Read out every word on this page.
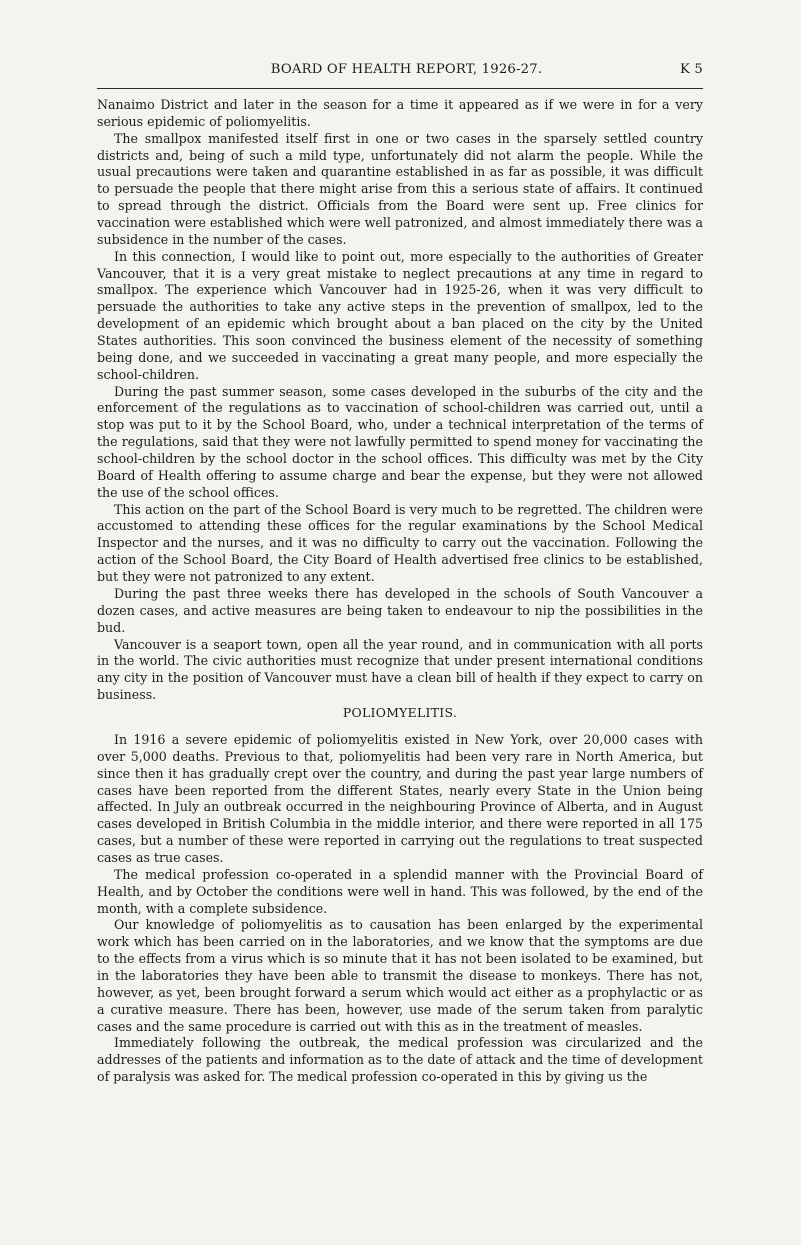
BOARD OF HEALTH REPORT, 1926-27.	K 5

Nanaimo District and later in the season for a time it appeared as if we were in for a very serious epidemic of poliomyelitis.

The smallpox manifested itself first in one or two cases in the sparsely settled country districts and, being of such a mild type, unfortunately did not alarm the people. While the usual precautions were taken and quarantine established in as far as possible, it was difficult to persuade the people that there might arise from this a serious state of affairs. It continued to spread through the district. Officials from the Board were sent up. Free clinics for vaccination were established which were well patronized, and almost immediately there was a subsidence in the number of the cases.

In this connection, I would like to point out, more especially to the authorities of Greater Vancouver, that it is a very great mistake to neglect precautions at any time in regard to smallpox. The experience which Vancouver had in 1925-26, when it was very difficult to persuade the authorities to take any active steps in the prevention of smallpox, led to the development of an epidemic which brought about a ban placed on the city by the United States authorities. This soon convinced the business element of the necessity of something being done, and we succeeded in vaccinating a great many people, and more especially the school-children.

During the past summer season, some cases developed in the suburbs of the city and the enforcement of the regulations as to vaccination of school-children was carried out, until a stop was put to it by the School Board, who, under a technical interpretation of the terms of the regulations, said that they were not lawfully permitted to spend money for vaccinating the school-children by the school doctor in the school offices. This difficulty was met by the City Board of Health offering to assume charge and bear the expense, but they were not allowed the use of the school offices.

This action on the part of the School Board is very much to be regretted. The children were accustomed to attending these offices for the regular examinations by the School Medical Inspector and the nurses, and it was no difficulty to carry out the vaccination. Following the action of the School Board, the City Board of Health advertised free clinics to be established, but they were not patronized to any extent.

During the past three weeks there has developed in the schools of South Vancouver a dozen cases, and active measures are being taken to endeavour to nip the possibilities in the bud.

Vancouver is a seaport town, open all the year round, and in communication with all ports in the world. The civic authorities must recognize that under present international conditions any city in the position of Vancouver must have a clean bill of health if they expect to carry on business.

POLIOMYELITIS.

In 1916 a severe epidemic of poliomyelitis existed in New York, over 20,000 cases with over 5,000 deaths. Previous to that, poliomyelitis had been very rare in North America, but since then it has gradually crept over the country, and during the past year large numbers of cases have been reported from the different States, nearly every State in the Union being affected. In July an outbreak occurred in the neighbouring Province of Alberta, and in August cases developed in British Columbia in the middle interior, and there were reported in all 175 cases, but a number of these were reported in carrying out the regulations to treat suspected cases as true cases.

The medical profession co-operated in a splendid manner with the Provincial Board of Health, and by October the conditions were well in hand. This was followed, by the end of the month, with a complete subsidence.

Our knowledge of poliomyelitis as to causation has been enlarged by the experimental work which has been carried on in the laboratories, and we know that the symptoms are due to the effects from a virus which is so minute that it has not been isolated to be examined, but in the laboratories they have been able to transmit the disease to monkeys. There has not, however, as yet, been brought forward a serum which would act either as a prophylactic or as a curative measure. There has been, however, use made of the serum taken from paralytic cases and the same procedure is carried out with this as in the treatment of measles.

Immediately following the outbreak, the medical profession was circularized and the addresses of the patients and information as to the date of attack and the time of development of paralysis was asked for. The medical profession co-operated in this by giving us the
